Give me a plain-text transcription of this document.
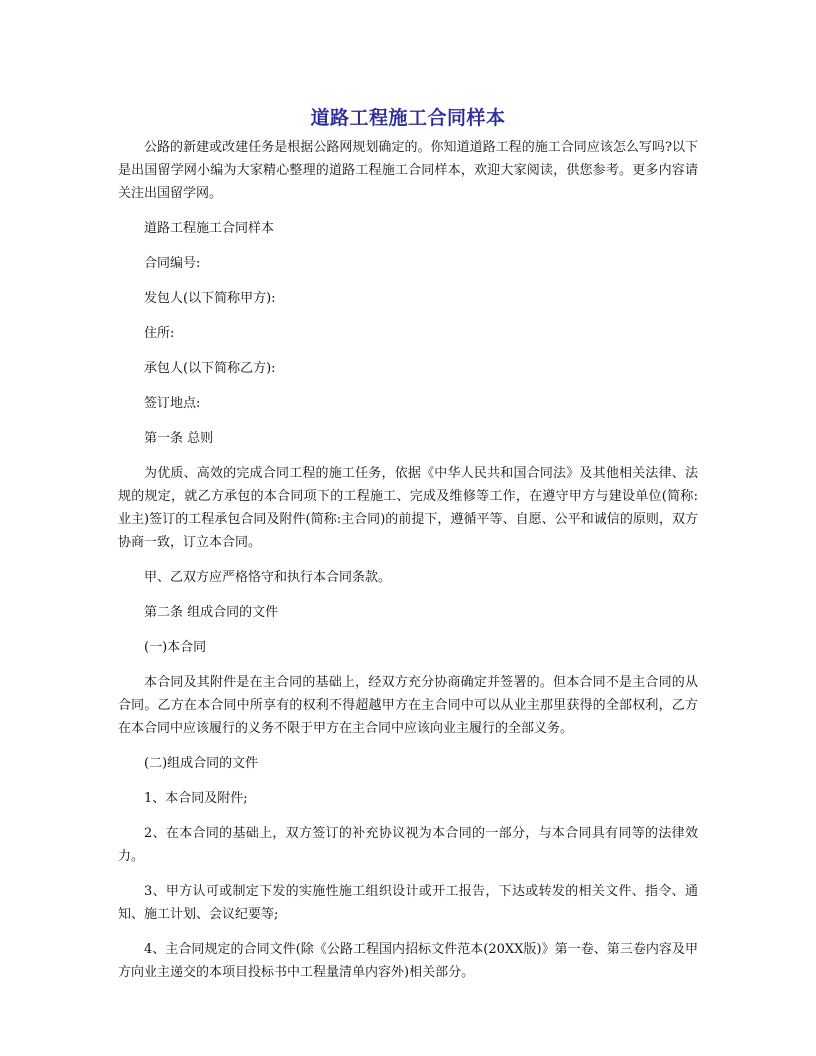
道路工程施工合同样本

公路的新建或改建任务是根据公路网规划确定的。你知道道路工程的施工合同应该怎么写吗?以下是出国留学网小编为大家精心整理的道路工程施工合同样本，欢迎大家阅读，供您参考。更多内容请关注出国留学网。

道路工程施工合同样本

合同编号:

发包人(以下简称甲方):

住所:

承包人(以下简称乙方):

签订地点:

第一条 总则

为优质、高效的完成合同工程的施工任务，依据《中华人民共和国合同法》及其他相关法律、法规的规定，就乙方承包的本合同项下的工程施工、完成及维修等工作，在遵守甲方与建设单位(简称: 业主)签订的工程承包合同及附件(简称:主合同)的前提下，遵循平等、自愿、公平和诚信的原则，双方协商一致，订立本合同。

甲、乙双方应严格恪守和执行本合同条款。

第二条 组成合同的文件

(一)本合同

本合同及其附件是在主合同的基础上，经双方充分协商确定并签署的。但本合同不是主合同的从合同。乙方在本合同中所享有的权利不得超越甲方在主合同中可以从业主那里获得的全部权利，乙方在本合同中应该履行的义务不限于甲方在主合同中应该向业主履行的全部义务。

(二)组成合同的文件

1、本合同及附件;

2、在本合同的基础上，双方签订的补充协议视为本合同的一部分，与本合同具有同等的法律效力。

3、甲方认可或制定下发的实施性施工组织设计或开工报告，下达或转发的相关文件、指令、通知、施工计划、会议纪要等;

4、主合同规定的合同文件(除《公路工程国内招标文件范本(20XX版)》第一卷、第三卷内容及甲方向业主递交的本项目投标书中工程量清单内容外)相关部分。
